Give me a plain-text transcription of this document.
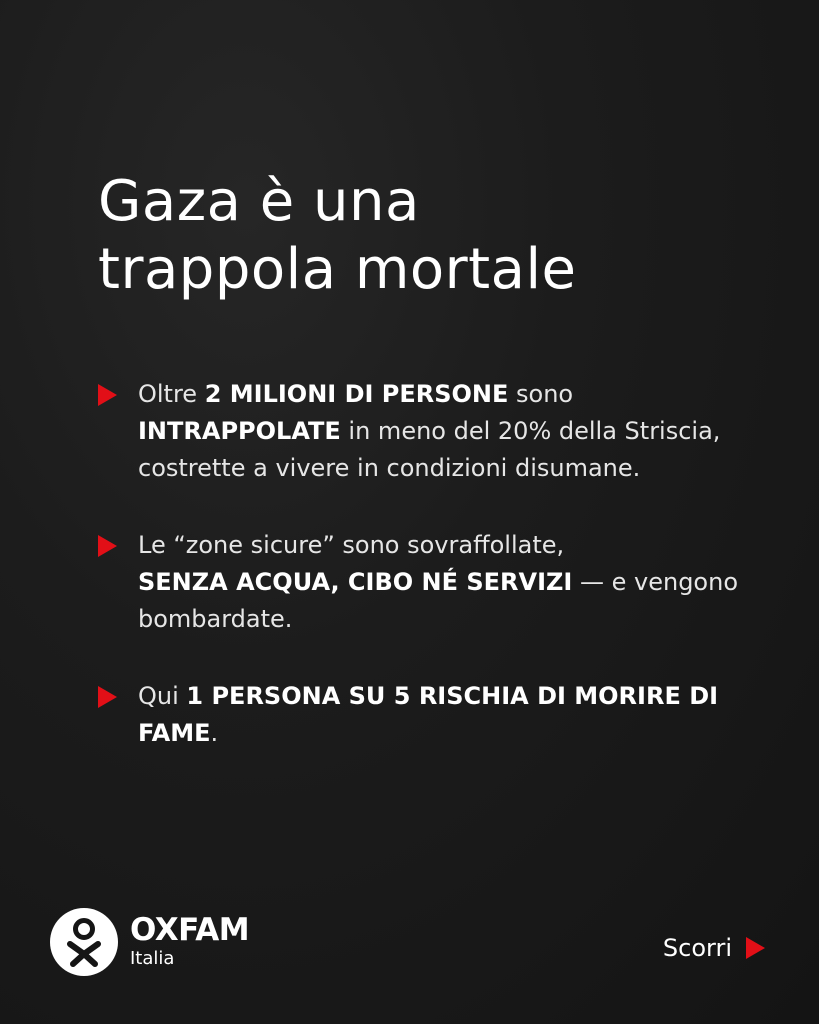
Gaza è una
trappola mortale
Oltre 2 MILIONI DI PERSONE sono
INTRAPPOLATE in meno del 20% della Striscia, costrette a vivere in condizioni disumane.
Le “zone sicure” sono sovraffollate,
SENZA ACQUA, CIBO NÉ SERVIZI — e vengono bombardate.
Qui 1 PERSONA SU 5 RISCHIA DI MORIRE DI FAME.
OXFAM
Italia	Scorri
